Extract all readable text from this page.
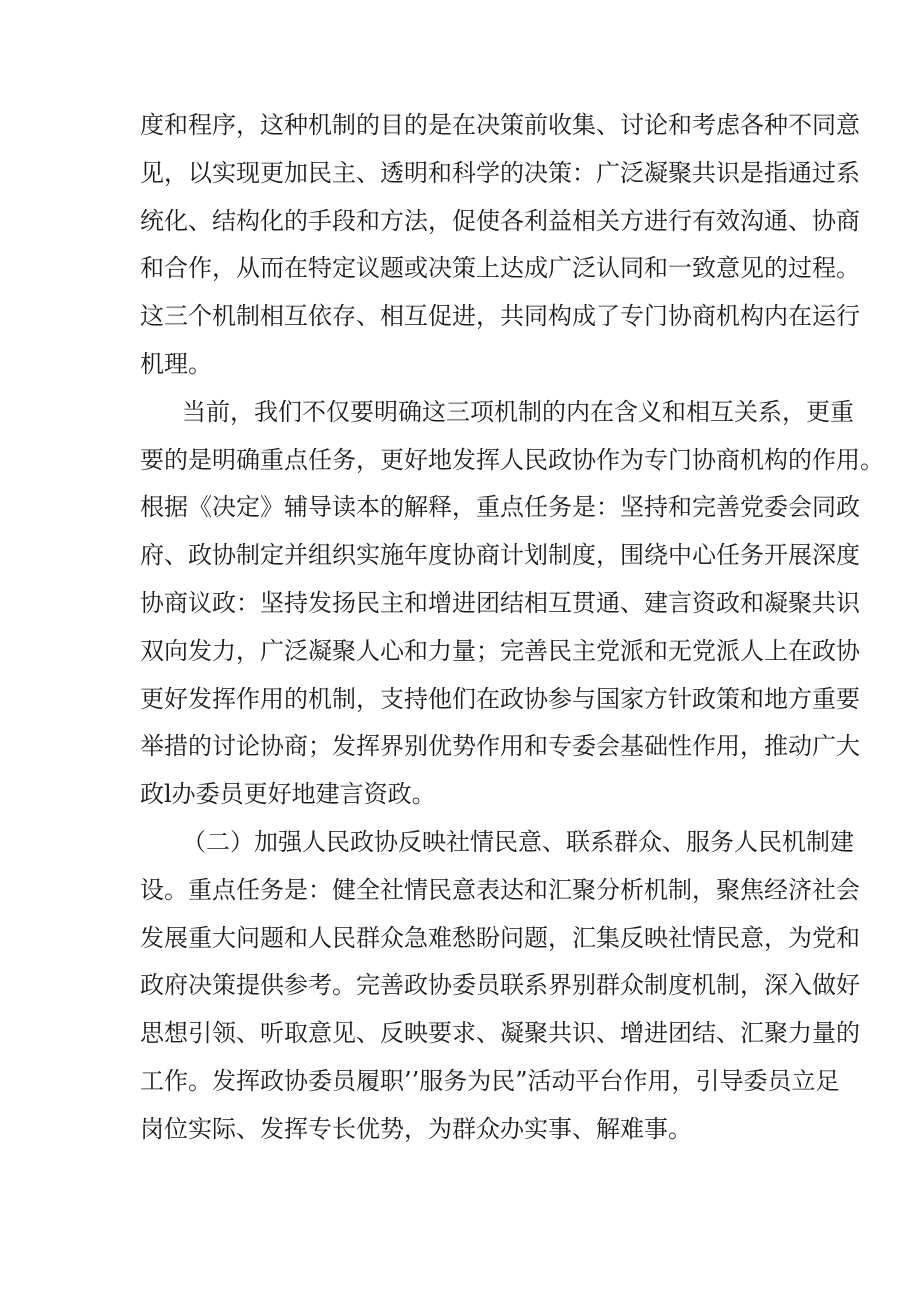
度和程序，这种机制的目的是在决策前收集、讨论和考虑各种不同意
见，以实现更加民主、透明和科学的决策：广泛凝聚共识是指通过系
统化、结构化的手段和方法，促使各利益相关方进行有效沟通、协商
和合作，从而在特定议题或决策上达成广泛认同和一致意见的过程。
这三个机制相互依存、相互促进，共同构成了专门协商机构内在运行
机理。
当前，我们不仅要明确这三项机制的内在含义和相互关系，更重
要的是明确重点任务，更好地发挥人民政协作为专门协商机构的作用。
根据《决定》辅导读本的解释，重点任务是：坚持和完善党委会同政
府、政协制定并组织实施年度协商计划制度，围绕中心任务开展深度
协商议政：坚持发扬民主和增进团结相互贯通、建言资政和凝聚共识
双向发力，广泛凝聚人心和力量；完善民主党派和无党派人上在政协
更好发挥作用的机制，支持他们在政协参与国家方针政策和地方重要
举措的讨论协商；发挥界别优势作用和专委会基础性作用，推动广大
政l办委员更好地建言资政。
（二）加强人民政协反映社情民意、联系群众、服务人民机制建
设。重点任务是：健全社情民意表达和汇聚分析机制，聚焦经济社会
发展重大问题和人民群众急难愁盼问题，汇集反映社情民意，为党和
政府决策提供参考。完善政协委员联系界别群众制度机制，深入做好
思想引领、听取意见、反映要求、凝聚共识、增进团结、汇聚力量的
工作。发挥政协委员履职’’服务为民”活动平台作用，引导委员立足
岗位实际、发挥专长优势，为群众办实事、解难事。
